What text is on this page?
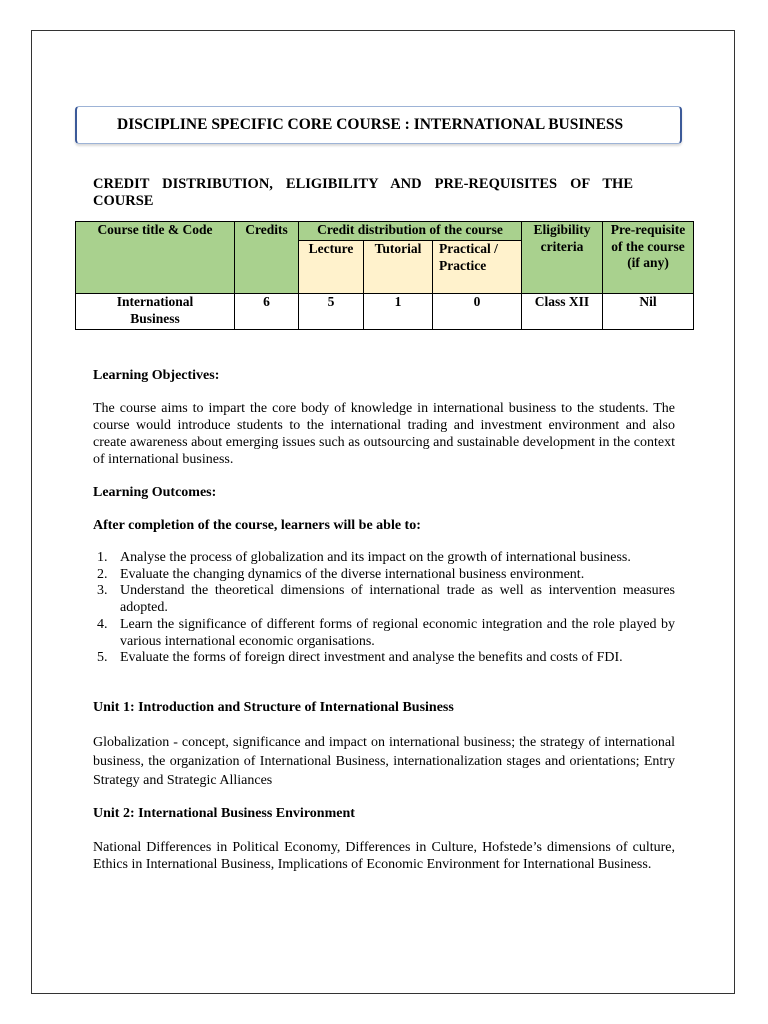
DISCIPLINE SPECIFIC CORE COURSE : INTERNATIONAL BUSINESS
CREDIT DISTRIBUTION, ELIGIBILITY AND PRE-REQUISITES OF THE COURSE
Course title & Code	Credits	Credit distribution of the course			Eligibility criteria	Pre-requisite of the course (if any)
		Lecture	Tutorial	Practical / Practice		
International Business	6	5	1	0	Class XII	Nil
Learning Objectives:
The course aims to impart the core body of knowledge in international business to the students. The course would introduce students to the international trading and investment environment and also create awareness about emerging issues such as outsourcing and sustainable development in the context of international business.
Learning Outcomes:
After completion of the course, learners will be able to:
1. Analyse the process of globalization and its impact on the growth of international business.
2. Evaluate the changing dynamics of the diverse international business environment.
3. Understand the theoretical dimensions of international trade as well as intervention measures adopted.
4. Learn the significance of different forms of regional economic integration and the role played by various international economic organisations.
5. Evaluate the forms of foreign direct investment and analyse the benefits and costs of FDI.
Unit 1: Introduction and Structure of International Business
Globalization - concept, significance and impact on international business; the strategy of international business, the organization of International Business, internationalization stages and orientations; Entry Strategy and Strategic Alliances
Unit 2: International Business Environment
National Differences in Political Economy, Differences in Culture, Hofstede’s dimensions of culture, Ethics in International Business, Implications of Economic Environment for International Business.
